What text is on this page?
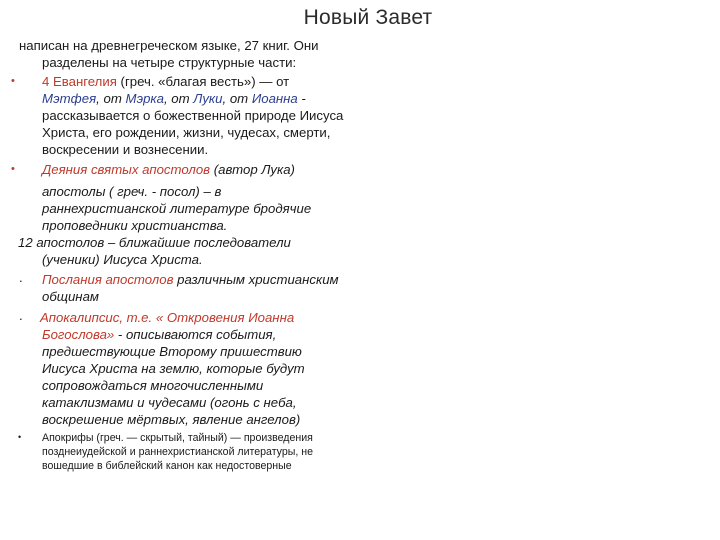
Новый Завет
написан на древнегреческом языке, 27 книг. Они
разделены на четыре структурные части:
• 4 Евангелия (греч. «благая весть») — от
Мэтфея, от Мэрка, от Луки, от Иоанна -
рассказывается о божественной природе Иисуса
Христа, его рождении, жизни, чудесах, смерти,
воскресении и вознесении.
• Деяния святых апостолов (автор Лука)
апостолы ( греч. - посол) – в
раннехристианской литературе бродячие
проповедники христианства.
12 апостолов – ближайшие последователи
(ученики) Иисуса Христа.
. Послания апостолов различным христианским
общинам
. Апокалипсис, т.е. « Откровения Иоанна
Богослова» - описываются события,
предшествующие Второму пришествию
Иисуса Христа на землю, которые будут
сопровождаться многочисленными
катаклизмами и чудесами (огонь с неба,
воскрешение мёртвых, явление ангелов)
• Апокрифы (греч. — скрытый, тайный) — произведения
позднеиудейской и раннехристианской литературы, не
вошедшие в библейский канон как недостоверные
